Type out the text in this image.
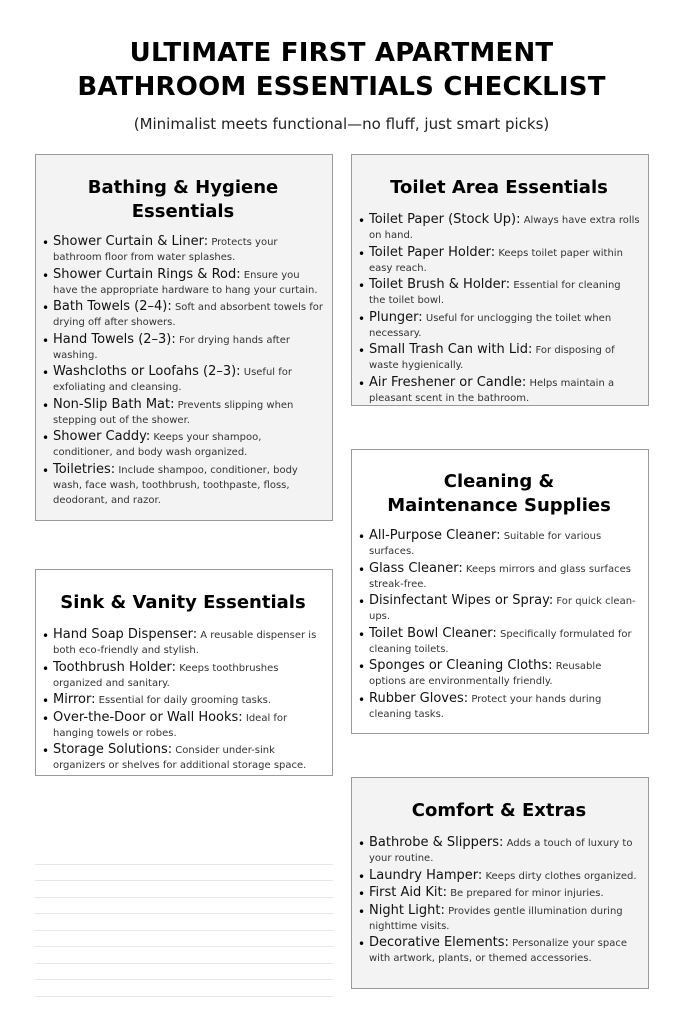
ULTIMATE FIRST APARTMENT
BATHROOM ESSENTIALS CHECKLIST
(Minimalist meets functional—no fluff, just smart picks)
Bathing & Hygiene Essentials
• Shower Curtain & Liner: Protects your bathroom floor from water splashes.
• Shower Curtain Rings & Rod: Ensure you have the appropriate hardware to hang your curtain.
• Bath Towels (2–4): Soft and absorbent towels for drying off after showers.
• Hand Towels (2–3): For drying hands after washing.
• Washcloths or Loofahs (2–3): Useful for exfoliating and cleansing.
• Non-Slip Bath Mat: Prevents slipping when stepping out of the shower.
• Shower Caddy: Keeps your shampoo, conditioner, and body wash organized.
• Toiletries: Include shampoo, conditioner, body wash, face wash, toothbrush, toothpaste, floss, deodorant, and razor.
Toilet Area Essentials
• Toilet Paper (Stock Up): Always have extra rolls on hand.
• Toilet Paper Holder: Keeps toilet paper within easy reach.
• Toilet Brush & Holder: Essential for cleaning the toilet bowl.
• Plunger: Useful for unclogging the toilet when necessary.
• Small Trash Can with Lid: For disposing of waste hygienically.
• Air Freshener or Candle: Helps maintain a pleasant scent in the bathroom.
Sink & Vanity Essentials
• Hand Soap Dispenser: A reusable dispenser is both eco-friendly and stylish.
• Toothbrush Holder: Keeps toothbrushes organized and sanitary.
• Mirror: Essential for daily grooming tasks.
• Over-the-Door or Wall Hooks: Ideal for hanging towels or robes.
• Storage Solutions: Consider under-sink organizers or shelves for additional storage space.
Cleaning & Maintenance Supplies
• All-Purpose Cleaner: Suitable for various surfaces.
• Glass Cleaner: Keeps mirrors and glass surfaces streak-free.
• Disinfectant Wipes or Spray: For quick clean-ups.
• Toilet Bowl Cleaner: Specifically formulated for cleaning toilets.
• Sponges or Cleaning Cloths: Reusable options are environmentally friendly.
• Rubber Gloves: Protect your hands during cleaning tasks.
Comfort & Extras
• Bathrobe & Slippers: Adds a touch of luxury to your routine.
• Laundry Hamper: Keeps dirty clothes organized.
• First Aid Kit: Be prepared for minor injuries.
• Night Light: Provides gentle illumination during nighttime visits.
• Decorative Elements: Personalize your space with artwork, plants, or themed accessories.
